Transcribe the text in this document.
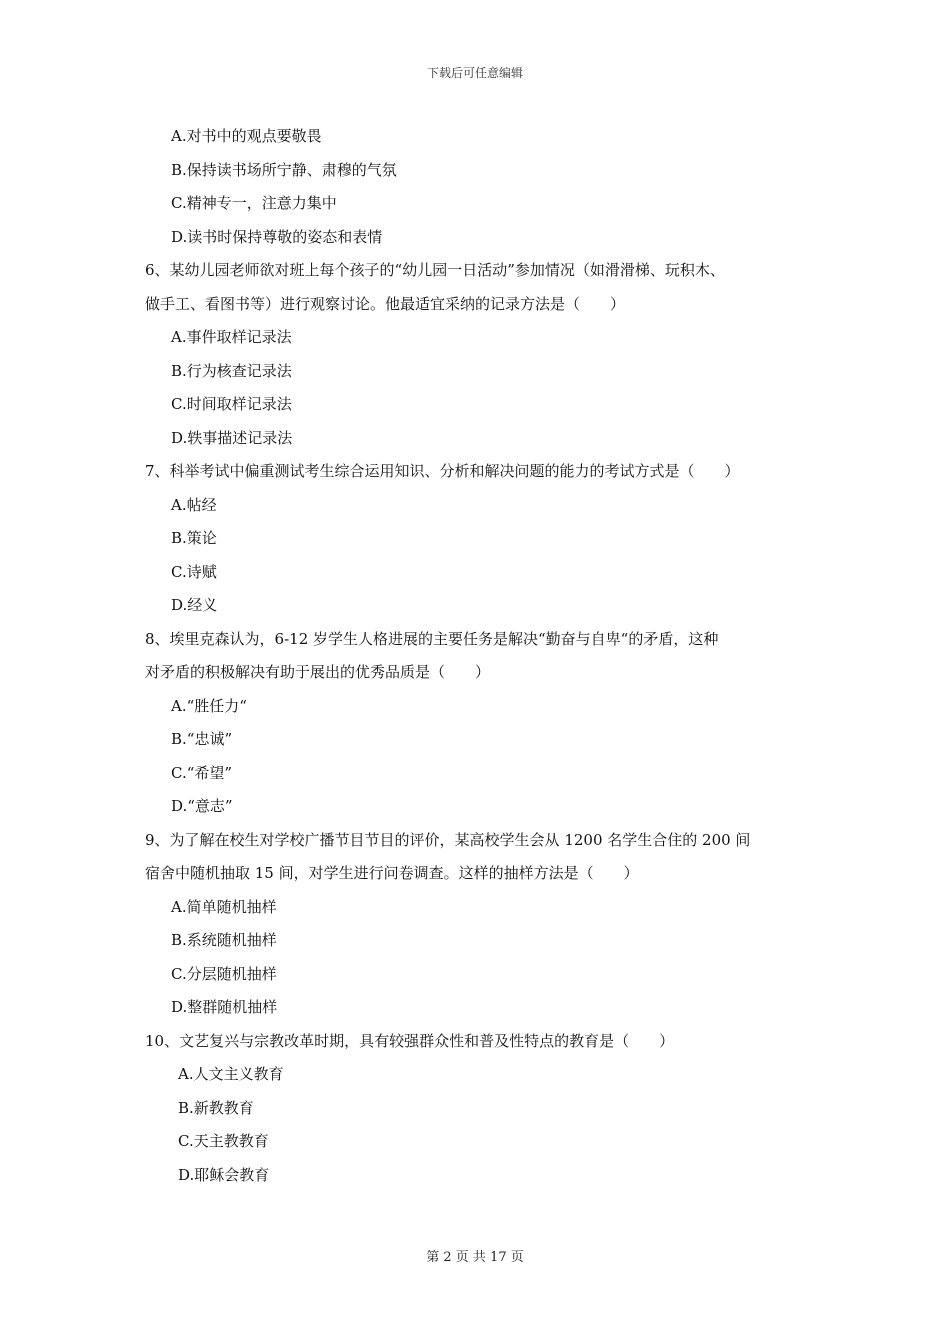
下载后可任意编辑
A.对书中的观点要敬畏
B.保持读书场所宁静、肃穆的气氛
C.精神专一，注意力集中
D.读书时保持尊敬的姿态和表情
6、某幼儿园老师欲对班上每个孩子的“幼儿园一日活动”参加情况（如滑滑梯、玩积木、
做手工、看图书等）进行观察讨论。他最适宜采纳的记录方法是（　　）
A.事件取样记录法
B.行为核查记录法
C.时间取样记录法
D.轶事描述记录法
7、科举考试中偏重测试考生综合运用知识、分析和解决问题的能力的考试方式是（　　）
A.帖经
B.策论
C.诗赋
D.经义
8、埃里克森认为，6-12 岁学生人格进展的主要任务是解决“勤奋与自卑“的矛盾，这种
对矛盾的积极解决有助于展出的优秀品质是（　　）
A.“胜任力“
B.“忠诚”
C.“希望”
D.“意志”
9、为了解在校生对学校广播节目节目的评价，某高校学生会从 1200 名学生合住的 200 间
宿舍中随机抽取 15 间，对学生进行问卷调查。这样的抽样方法是（　　）
A.简单随机抽样
B.系统随机抽样
C.分层随机抽样
D.整群随机抽样
10、文艺复兴与宗教改革时期，具有较强群众性和普及性特点的教育是（　　）
A.人文主义教育
B.新教教育
C.天主教教育
D.耶稣会教育
第 2 页 共 17 页
